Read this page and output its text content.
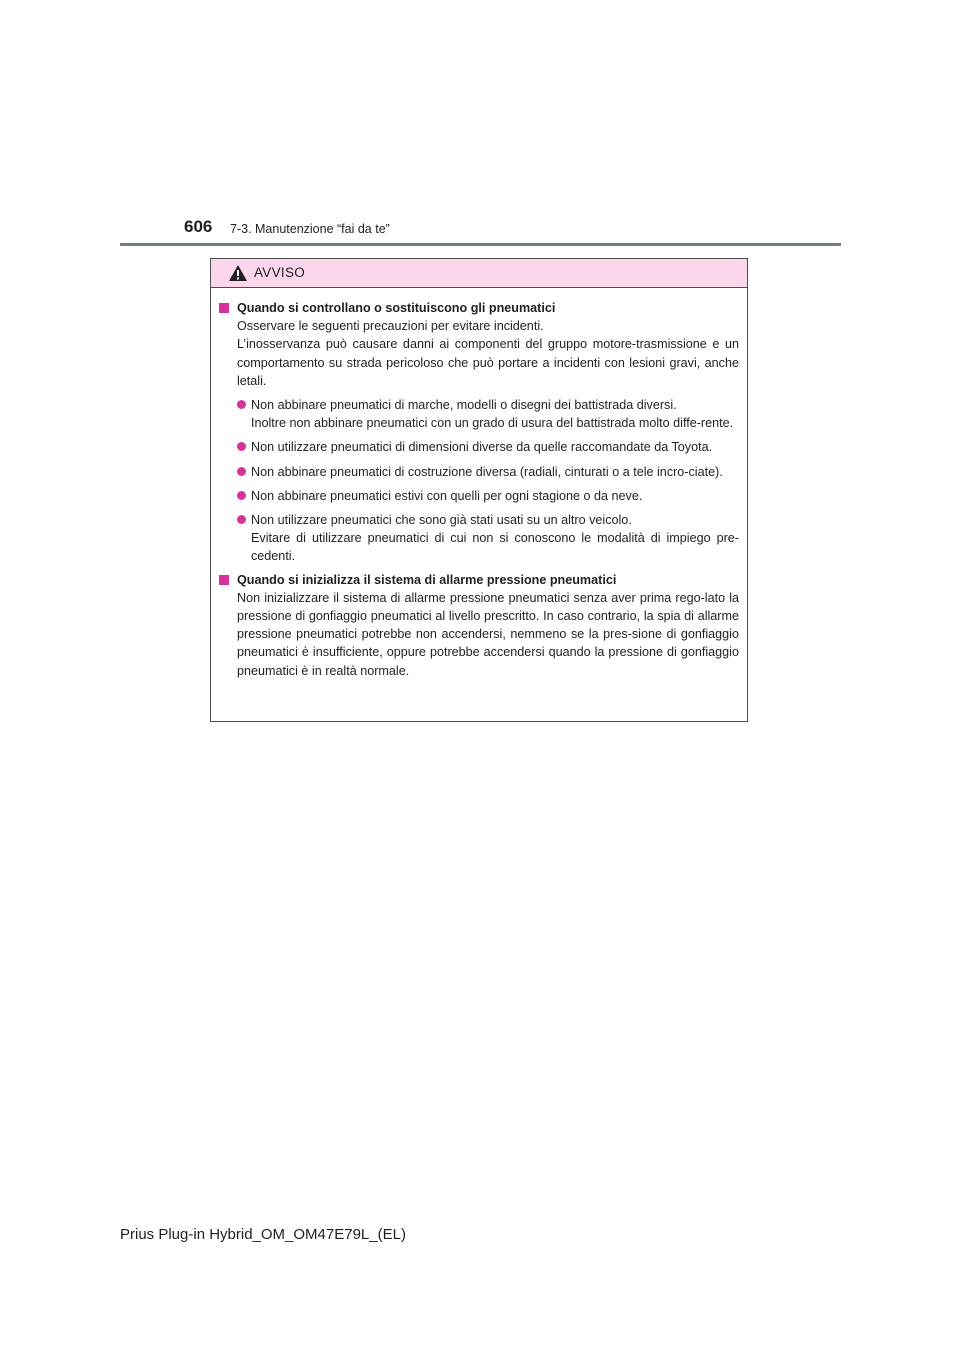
606 7-3. Manutenzione “fai da te”
AVVISO
Quando si controllano o sostituiscono gli pneumatici
Osservare le seguenti precauzioni per evitare incidenti.
L’inosservanza può causare danni ai componenti del gruppo motore-trasmissione e un comportamento su strada pericoloso che può portare a incidenti con lesioni gravi, anche letali.
Non abbinare pneumatici di marche, modelli o disegni dei battistrada diversi.
Inoltre non abbinare pneumatici con un grado di usura del battistrada molto diffe-rente.
Non utilizzare pneumatici di dimensioni diverse da quelle raccomandate da Toyota.
Non abbinare pneumatici di costruzione diversa (radiali, cinturati o a tele incro-ciate).
Non abbinare pneumatici estivi con quelli per ogni stagione o da neve.
Non utilizzare pneumatici che sono già stati usati su un altro veicolo.
Evitare di utilizzare pneumatici di cui non si conoscono le modalità di impiego pre-cedenti.
Quando si inizializza il sistema di allarme pressione pneumatici
Non inizializzare il sistema di allarme pressione pneumatici senza aver prima rego-lato la pressione di gonfiaggio pneumatici al livello prescritto. In caso contrario, la spia di allarme pressione pneumatici potrebbe non accendersi, nemmeno se la pres-sione di gonfiaggio pneumatici è insufficiente, oppure potrebbe accendersi quando la pressione di gonfiaggio pneumatici è in realtà normale.
Prius Plug-in Hybrid_OM_OM47E79L_(EL)
